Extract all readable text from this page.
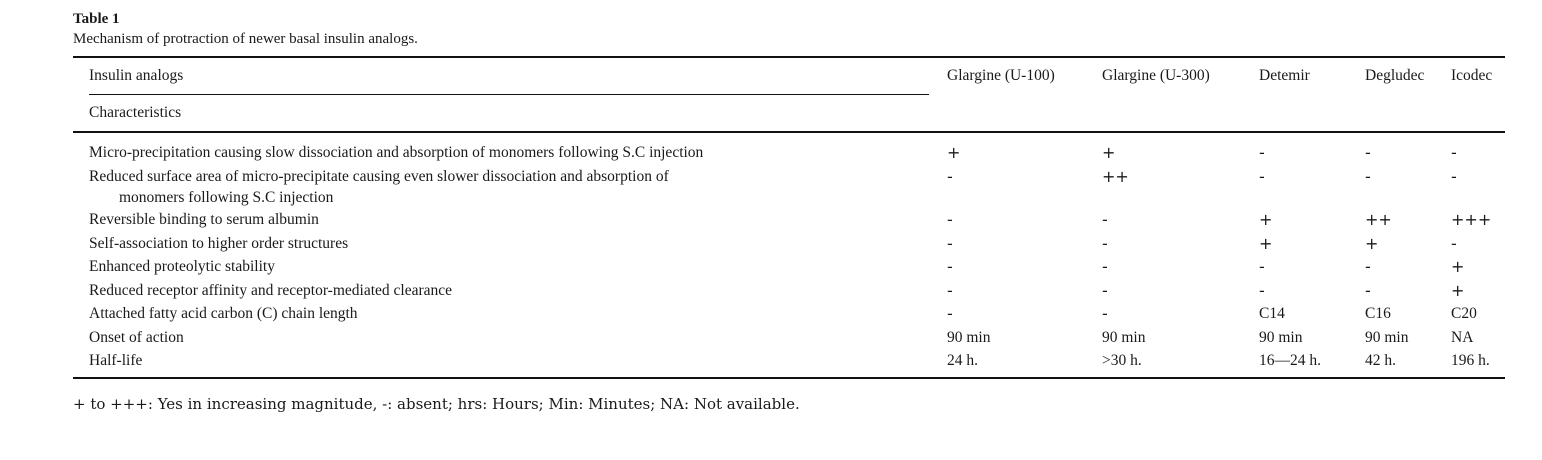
Table 1
Mechanism of protraction of newer basal insulin analogs.
Insulin analogs	Glargine (U-100)	Glargine (U-300)	Detemir	Degludec	Icodec
Characteristics					
Micro-precipitation causing slow dissociation and absorption of monomers following S.C injection	+	+	-	-	-

Reduced surface area of micro-precipitate causing even slower dissociation and absorption of
monomers following S.C injection	-	++	-	-	-
Reversible binding to serum albumin	-	-	+	++	+++
Self-association to higher order structures	-	-	+	+	-
Enhanced proteolytic stability	-	-	-	-	+
Reduced receptor affinity and receptor-mediated clearance	-	-	-	-	+
Attached fatty acid carbon (C) chain length	-	-	C14	C16	C20
Onset of action	90 min	90 min	90 min	90 min	NA
Half-life	24 h.	>30 h.	16—24 h.	42 h.	196 h.
+ to +++: Yes in increasing magnitude, -: absent; hrs: Hours; Min: Minutes; NA: Not available.
